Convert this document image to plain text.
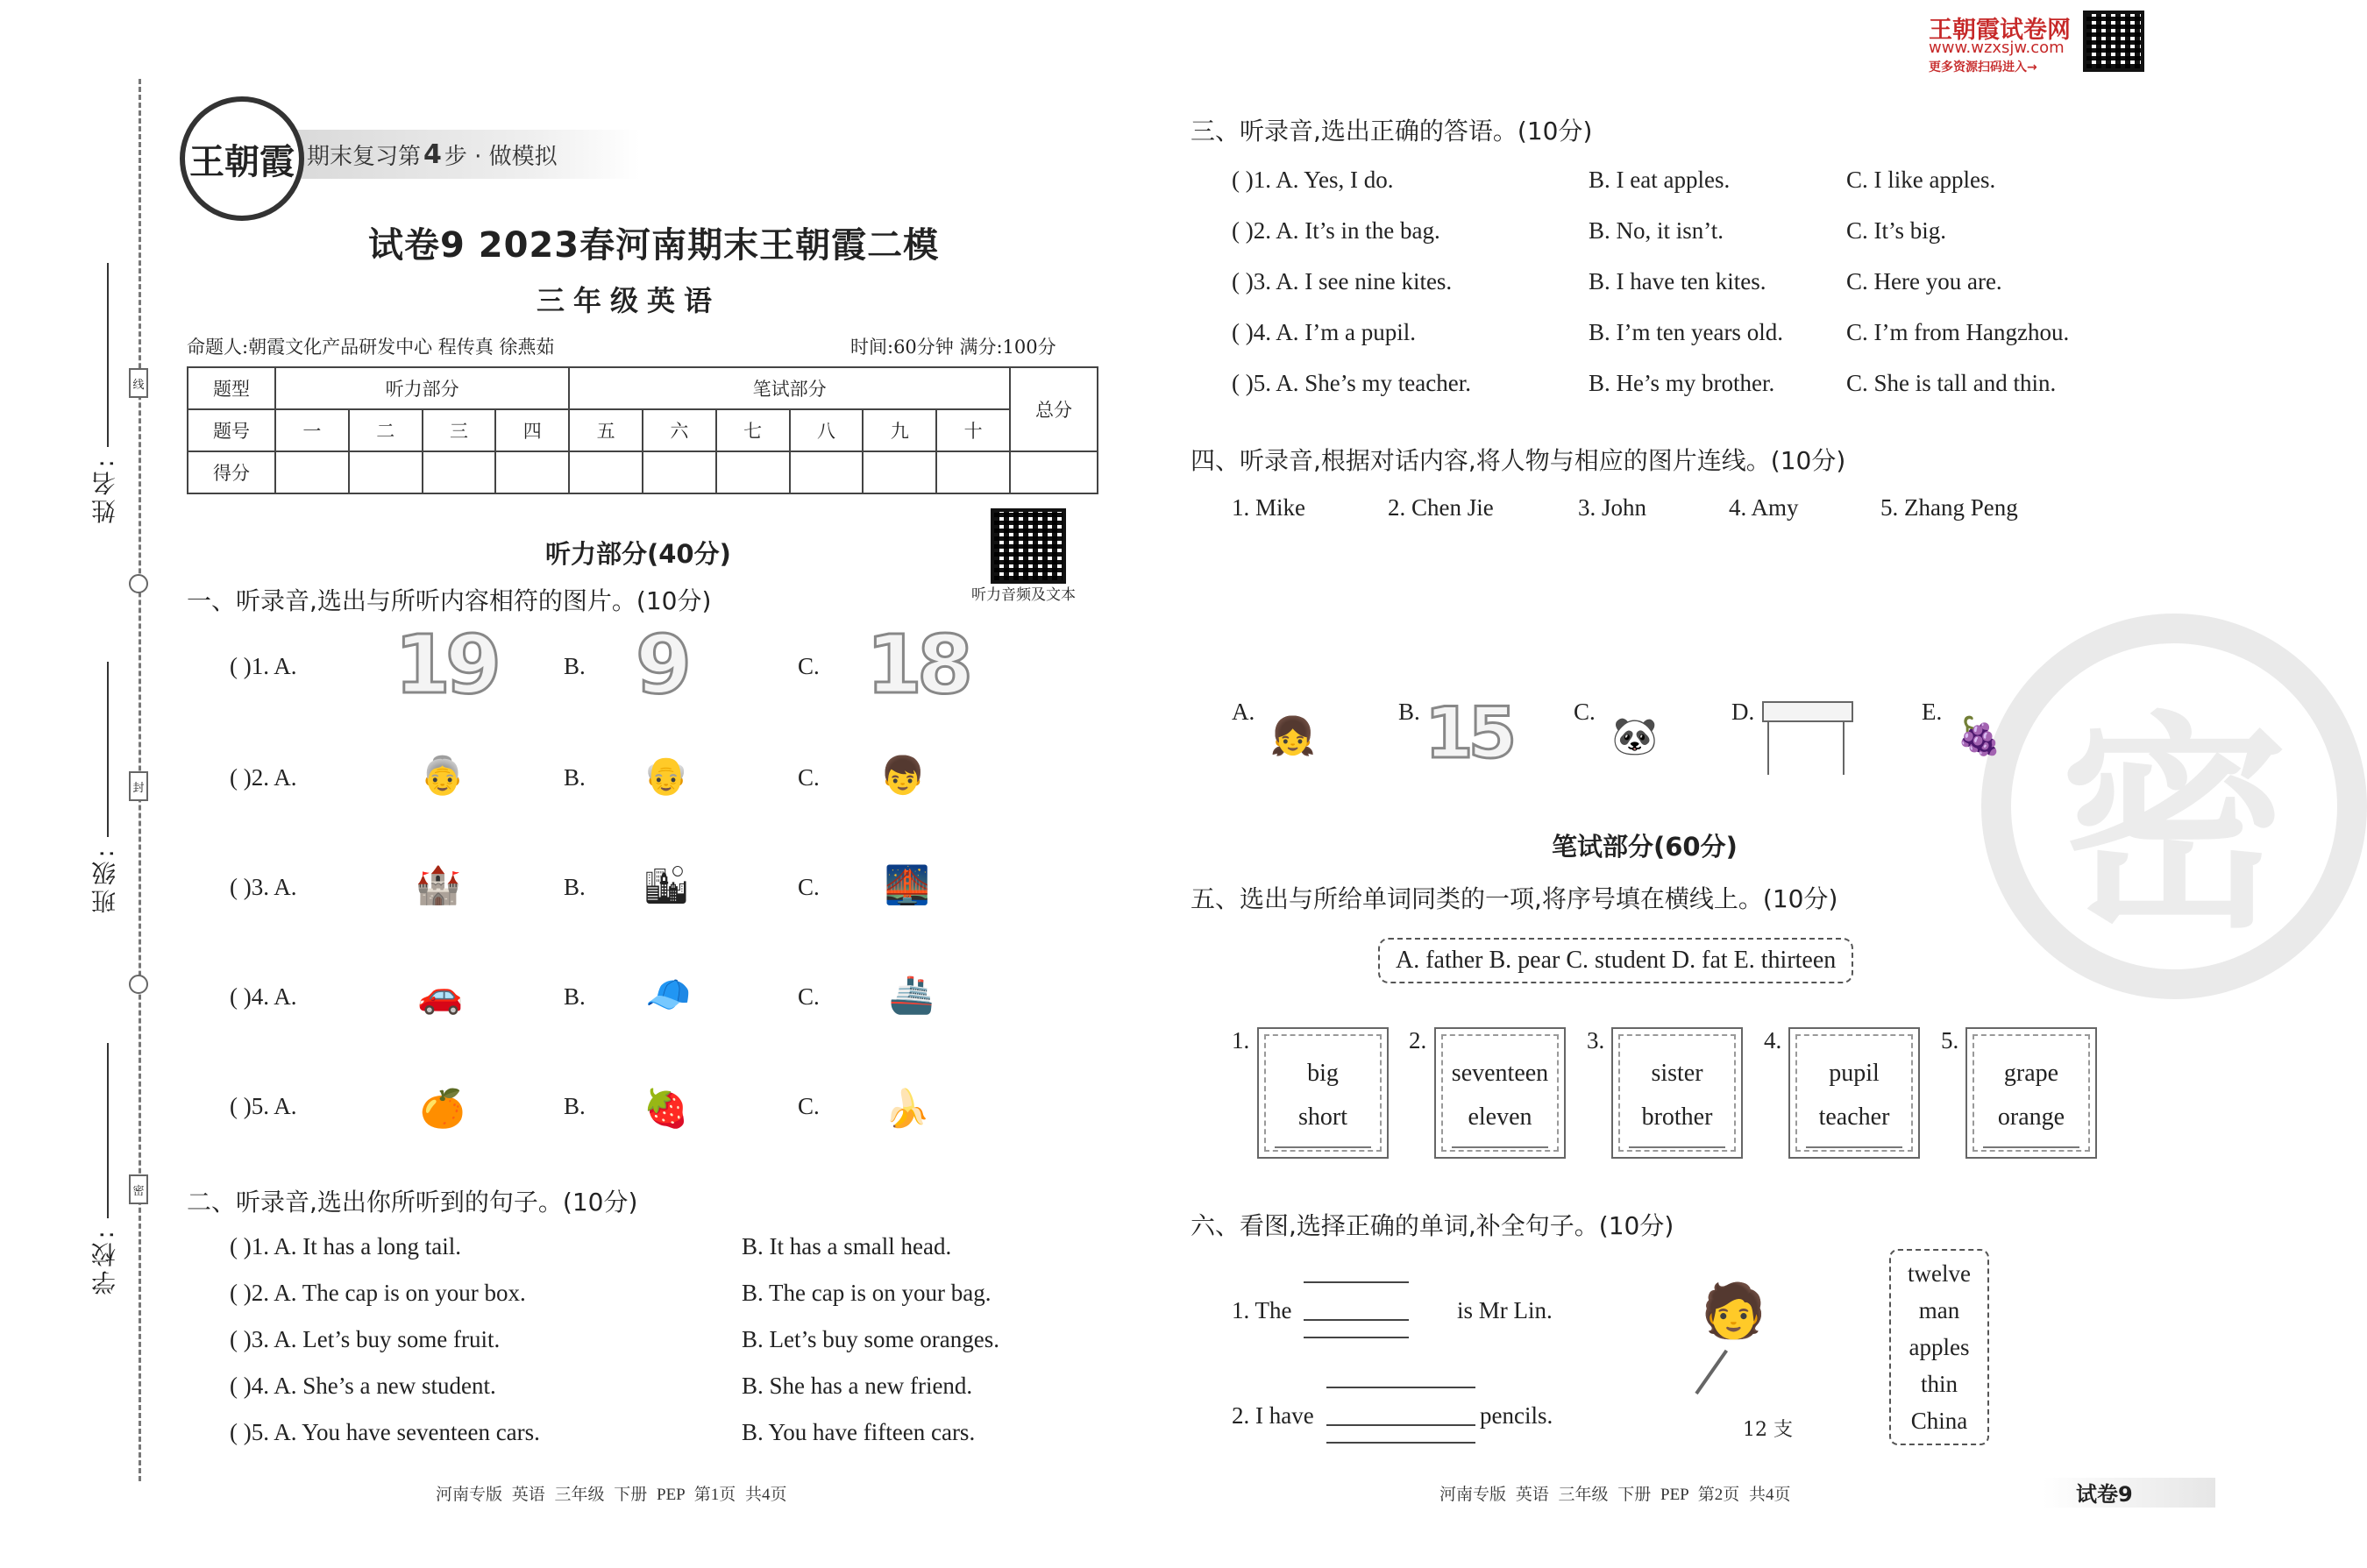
姓名:
班级:
学校:
线
封
密
期末复习第 4 步 · 做模拟
王朝霞
试卷9 2023春河南期末王朝霞二模
三年级英语
命题人:朝霞文化产品研发中心 程传真 徐燕茹	时间:60分钟 满分:100分
题型	听力部分				笔试部分						总分
题号	一	二	三	四	五	六	七	八	九	十	
得分											
听力部分(40分)
听力音频及文本
一、听录音,选出与所听内容相符的图片。(10分)
( )1. A. 19	B. 9	C. 18
( )2. A.	👵	B.	👴	C.	👦
( )3. A.	🏰	B.	🏙	C.	🌉
( )4. A.	🚗	B.	🧢	C.	🚢
( )5. A.	🍊	B.	🍓	C.	🍌
二、听录音,选出你所听到的句子。(10分)
( )1. A. It has a long tail.	B. It has a small head.
( )2. A. The cap is on your box.	B. The cap is on your bag.
( )3. A. Let’s buy some fruit.	B. Let’s buy some oranges.
( )4. A. She’s a new student.	B. She has a new friend.
( )5. A. You have seventeen cars.	B. You have fifteen cars.
河南专版 英语 三年级 下册 PEP 第1页 共4页
王朝霞试卷网
www.wzxsjw.com
更多资源扫码进入→
密
三、听录音,选出正确的答语。(10分)
( )1. A. Yes, I do.	B. I eat apples.	C. I like apples.
( )2. A. It’s in the bag.	B. No, it isn’t.	C. It’s big.
( )3. A. I see nine kites.	B. I have ten kites.	C. Here you are.
( )4. A. I’m a pupil.	B. I’m ten years old.	C. I’m from Hangzhou.
( )5. A. She’s my teacher.	B. He’s my brother.	C. She is tall and thin.
四、听录音,根据对话内容,将人物与相应的图片连线。(10分)
1. Mike	2. Chen Jie	3. John	4. Amy	5. Zhang Peng
A.
👧
B. 15	C.
🐼
D.	E.
🍇
笔试部分(60分)
五、选出与所给单词同类的一项,将序号填在横线上。(10分)
A. father B. pear C. student D. fat E. thirteen
1.
big
short
2.
seventeen
eleven
3.
sister
brother
4.
pupil
teacher
5.
grape
orange
六、看图,选择正确的单词,补全句子。(10分)
1. The	is Mr Lin.	🧑
2. I have	pencils.
12 支
twelve
man
apples
thin
China
河南专版 英语 三年级 下册 PEP 第2页 共4页	试卷9
